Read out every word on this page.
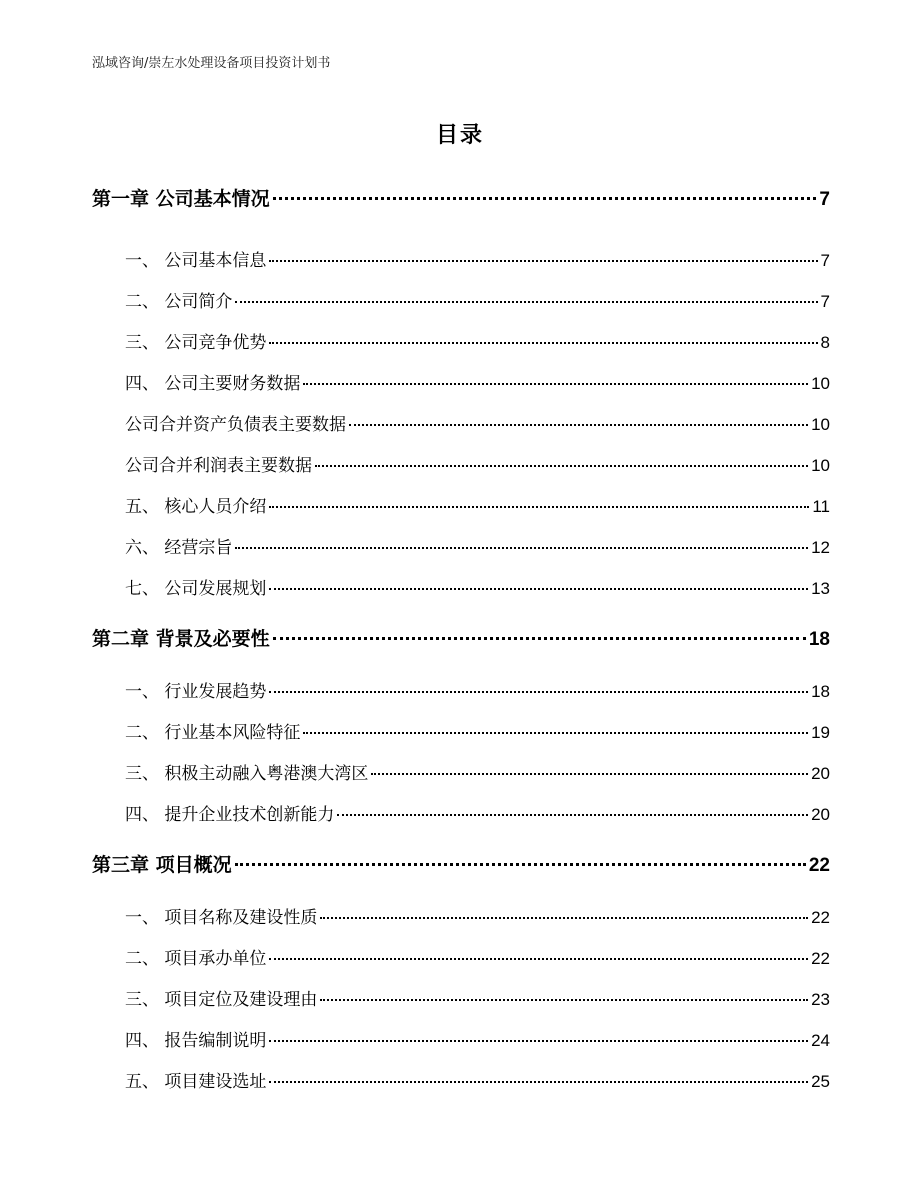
泓域咨询/崇左水处理设备项目投资计划书
目录
第一章 公司基本情况	7
一、 公司基本信息	7
二、 公司简介	7
三、 公司竞争优势	8
四、 公司主要财务数据	10
公司合并资产负债表主要数据	10
公司合并利润表主要数据	10
五、 核心人员介绍	11
六、 经营宗旨	12
七、 公司发展规划	13
第二章 背景及必要性	18
一、 行业发展趋势	18
二、 行业基本风险特征	19
三、 积极主动融入粤港澳大湾区	20
四、 提升企业技术创新能力	20
第三章 项目概况	22
一、 项目名称及建设性质	22
二、 项目承办单位	22
三、 项目定位及建设理由	23
四、 报告编制说明	24
五、 项目建设选址	25
